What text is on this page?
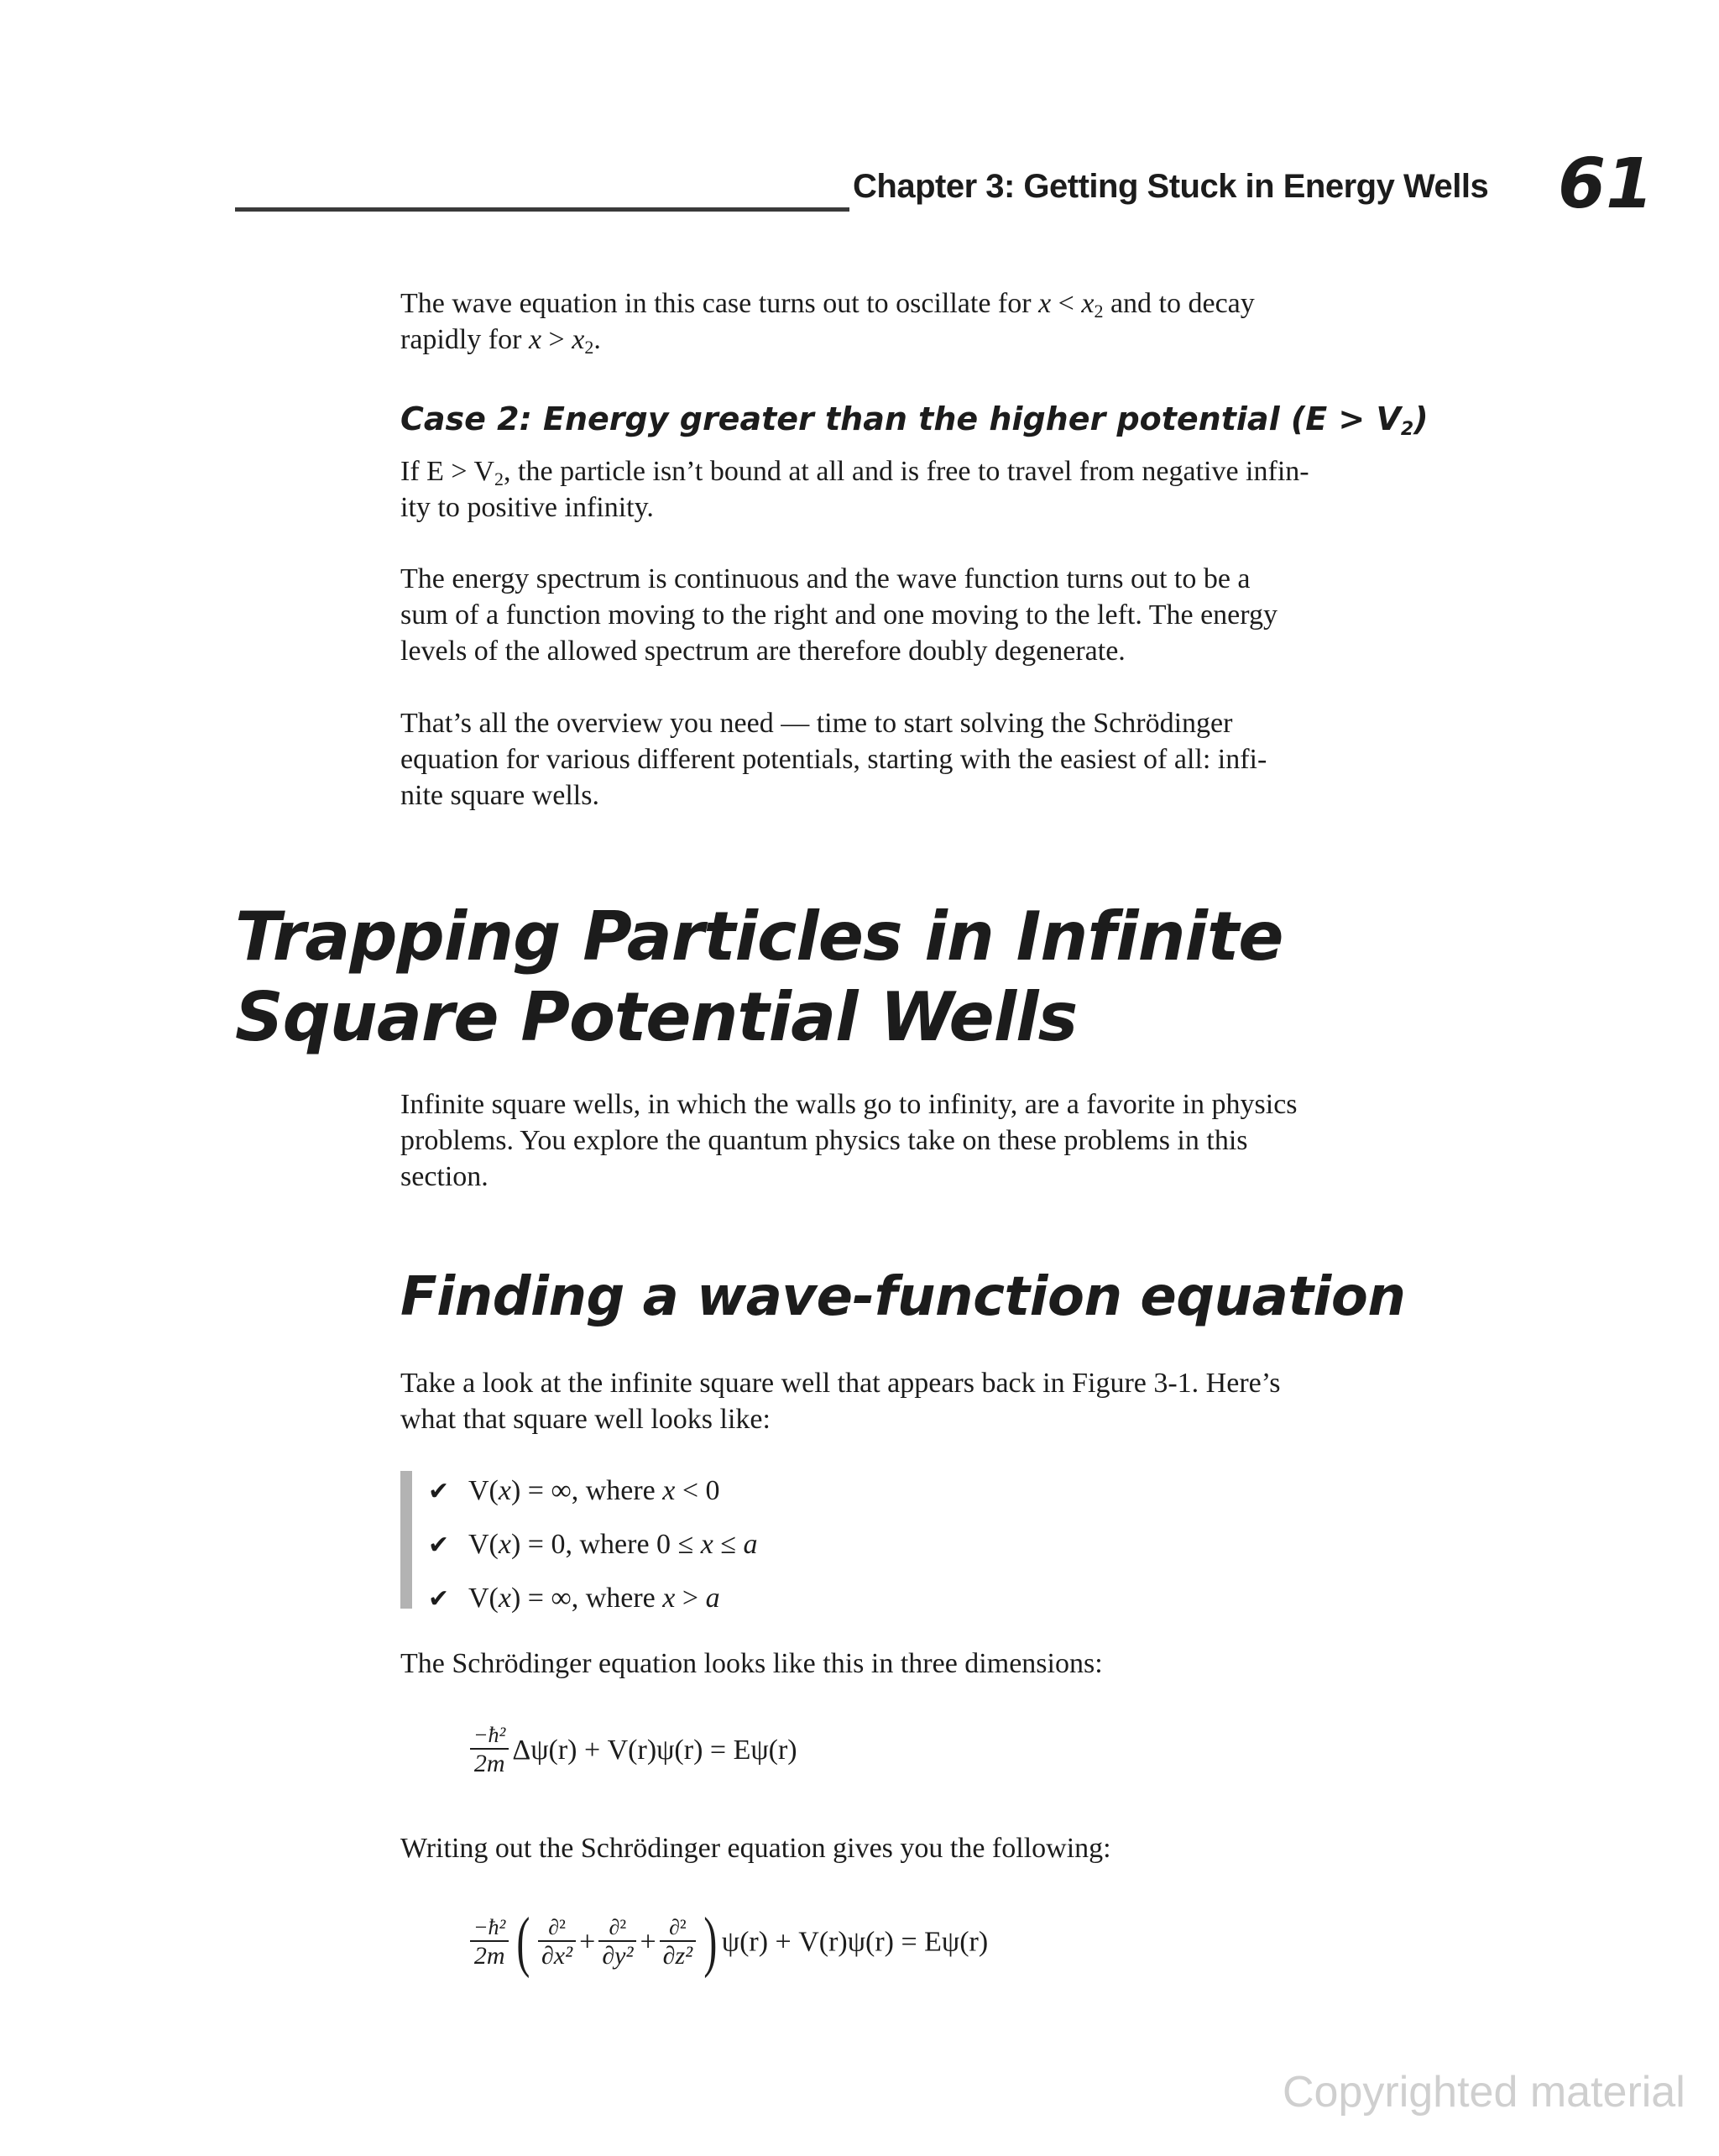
Chapter 3: Getting Stuck in Energy Wells 61
The wave equation in this case turns out to oscillate for $x < x_2$ and to decay
rapidly for $x > x_2$.
Case 2: Energy greater than the higher potential $(E > V_2)$
If $E > V_2$, the particle isn’t bound at all and is free to travel from negative infin-
ity to positive infinity.
The energy spectrum is continuous and the wave function turns out to be a
sum of a function moving to the right and one moving to the left. The energy
levels of the allowed spectrum are therefore doubly degenerate.
That’s all the overview you need — time to start solving the Schrödinger
equation for various different potentials, starting with the easiest of all: infi-
nite square wells.
Trapping Particles in Infinite
Square Potential Wells
Infinite square wells, in which the walls go to infinity, are a favorite in physics
problems. You explore the quantum physics take on these problems in this
section.
Finding a wave-function equation
Take a look at the infinite square well that appears back in Figure 3-1. Here’s
what that square well looks like:
✔ V(x) = ∞, where x < 0
✔ V(x) = 0, where 0 ≤ x ≤ a
✔ V(x) = ∞, where x > a
The Schrödinger equation looks like this in three dimensions:
$\frac{\text{−ħ²}}{2m} \Delta\psi(r) + V(r)\psi(r) = E\psi(r)$
Writing out the Schrödinger equation gives you the following:
$\frac{\text{−ħ²}}{2m}$ ( $\frac{\text{∂²}}{\text{∂x²}} + \frac{\text{∂²}}{\text{∂y²}} + \frac{\text{∂²}}{\text{∂z²}}$ ) ψ(r) + V(r)ψ(r) = Eψ(r)
Copyrighted material
